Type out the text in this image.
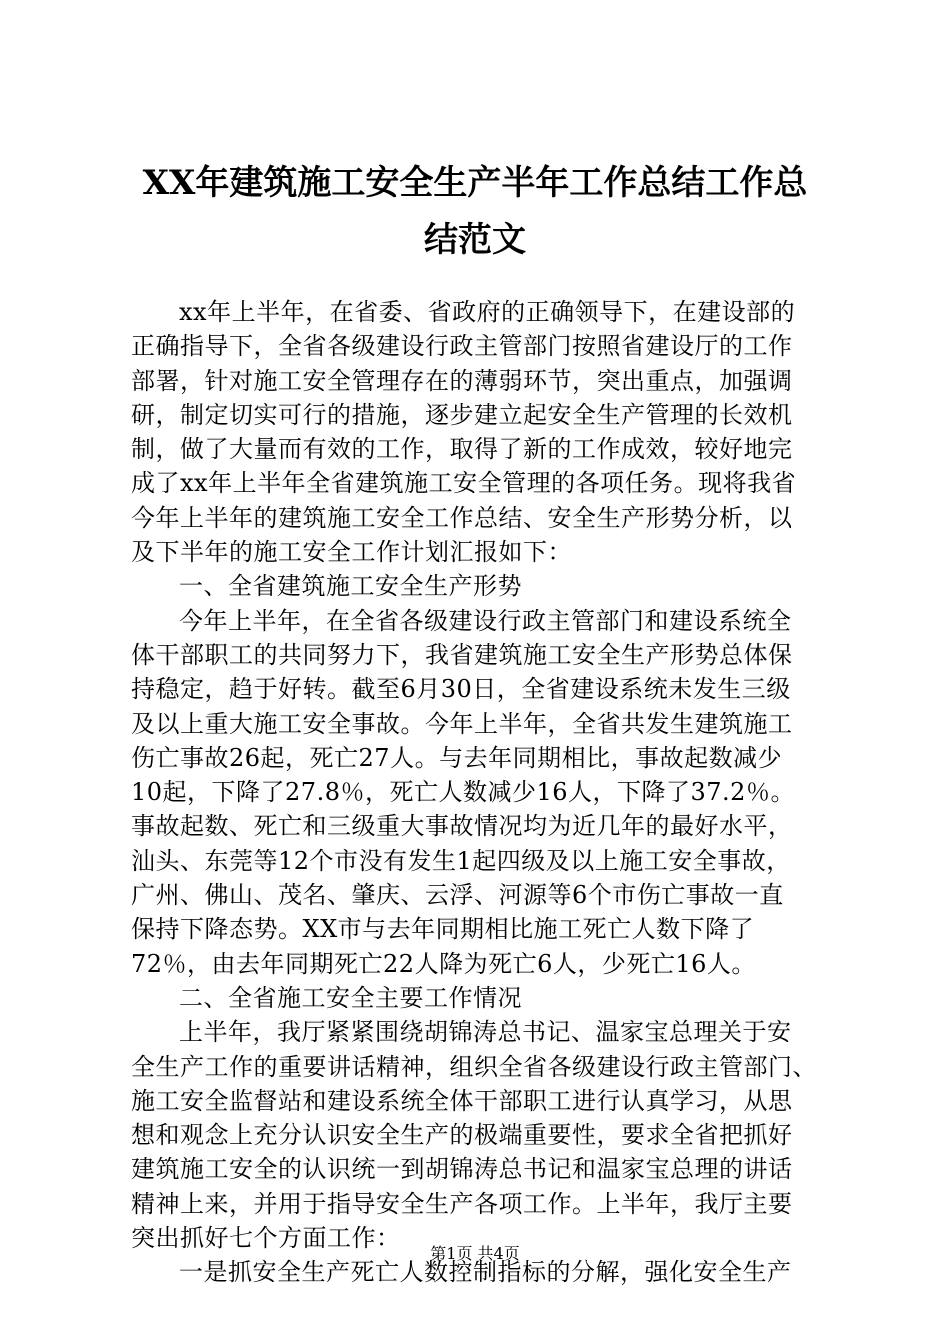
XX年建筑施工安全生产半年工作总结工作总
结范文
xx年上半年，在省委、省政府的正确领导下，在建设部的
正确指导下，全省各级建设行政主管部门按照省建设厅的工作
部署，针对施工安全管理存在的薄弱环节，突出重点，加强调
研，制定切实可行的措施，逐步建立起安全生产管理的长效机
制，做了大量而有效的工作，取得了新的工作成效，较好地完
成了xx年上半年全省建筑施工安全管理的各项任务。现将我省
今年上半年的建筑施工安全工作总结、安全生产形势分析，以
及下半年的施工安全工作计划汇报如下：
一、全省建筑施工安全生产形势
今年上半年，在全省各级建设行政主管部门和建设系统全
体干部职工的共同努力下，我省建筑施工安全生产形势总体保
持稳定，趋于好转。截至6月30日，全省建设系统未发生三级
及以上重大施工安全事故。今年上半年，全省共发生建筑施工
伤亡事故26起，死亡27人。与去年同期相比，事故起数减少
10起，下降了27.8％，死亡人数减少16人，下降了37.2％。
事故起数、死亡和三级重大事故情况均为近几年的最好水平，
汕头、东莞等12个市没有发生1起四级及以上施工安全事故，
广州、佛山、茂名、肇庆、云浮、河源等6个市伤亡事故一直
保持下降态势。XX市与去年同期相比施工死亡人数下降了
72％，由去年同期死亡22人降为死亡6人，少死亡16人。
二、全省施工安全主要工作情况
上半年，我厅紧紧围绕胡锦涛总书记、温家宝总理关于安
全生产工作的重要讲话精神，组织全省各级建设行政主管部门、
施工安全监督站和建设系统全体干部职工进行认真学习，从思
想和观念上充分认识安全生产的极端重要性，要求全省把抓好
建筑施工安全的认识统一到胡锦涛总书记和温家宝总理的讲话
精神上来，并用于指导安全生产各项工作。上半年，我厅主要
突出抓好七个方面工作：
一是抓安全生产死亡人数控制指标的分解，强化安全生产
第1页 共4页
